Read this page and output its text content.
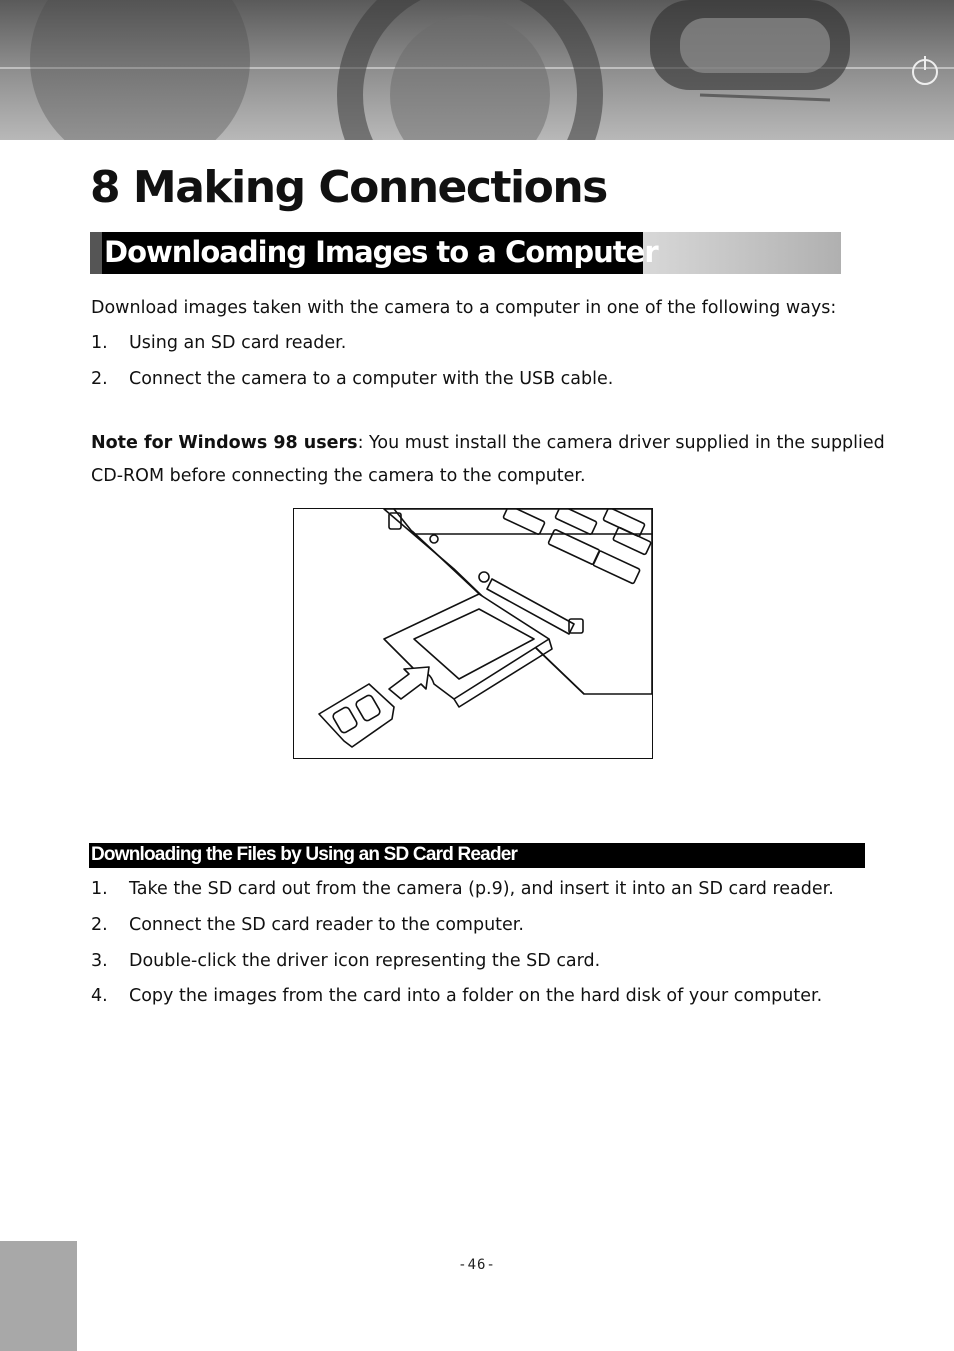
8 Making Connections
Downloading Images to a Computer
Download images taken with the camera to a computer in one of the following ways:
1. Using an SD card reader.
2. Connect the camera to a computer with the USB cable.
Note for Windows 98 users: You must install the camera driver supplied in the supplied
CD-ROM before connecting the camera to the computer.
Downloading the Files by Using an SD Card Reader
1. Take the SD card out from the camera (p.9), and insert it into an SD card reader.
2. Connect the SD card reader to the computer.
3. Double-click the driver icon representing the SD card.
4. Copy the images from the card into a folder on the hard disk of your computer.
-46-
